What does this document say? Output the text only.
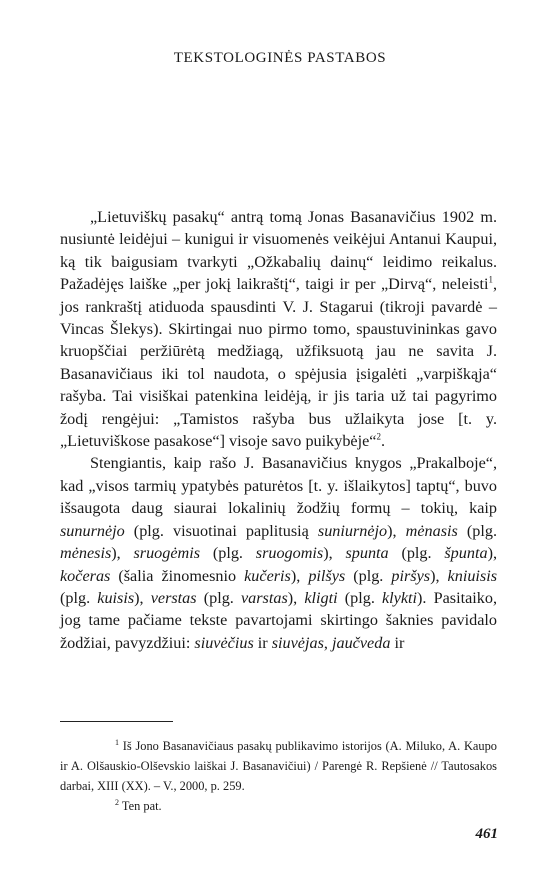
TEKSTOLOGINĖS PASTABOS

„Lietuviškų pasakų“ antrą tomą Jonas Basanavičius 1902 m. nusiuntė leidėjui – kunigui ir visuomenės veikėjui Antanui Kaupui, ką tik baigusiam tvarkyti „Ožkabalių dainų“ leidimo reikalus. Pažadėjęs laiške „per jokį laikraštį“, taigi ir per „Dirvą“, neleisti$^1$, jos rankraštį atiduoda spausdinti V. J. Stagarui (tikroji pavardė – Vincas Šlekys). Skirtingai nuo pirmo tomo, spaustuvininkas gavo kruopščiai peržiūrėtą medžiagą, užfiksuotą jau ne savita J. Basanavičiaus iki tol naudota, o spėjusia įsigalėti „varpiškąja“ rašyba. Tai visiškai patenkina leidėją, ir jis taria už tai pagyrimo žodį rengėjui: „Tamistos rašyba bus užlaikyta jose [t. y. „Lietuviškose pasakose“] visoje savo puikybėje“$^2$.

Stengiantis, kaip rašo J. Basanavičius knygos „Prakalboje“, kad „visos tarmių ypatybės paturėtos [t. y. išlaikytos] taptų“, buvo išsaugota daug siaurai lokalinių žodžių formų – tokių, kaip sunurnėjo (plg. visuotinai paplitusią suniurnėjo), mėnasis (plg. mėnesis), sruogėmis (plg. sruogomis), spunta (plg. špunta), kočeras (šalia žinomesnio kučeris), pilšys (plg. piršys), kniuisis (plg. kuisis), verstas (plg. varstas), kligti (plg. klykti). Pasitaiko, jog tame pačiame tekste pavartojami skirtingo šaknies pavidalo žodžiai, pavyzdžiui: siuvėčius ir siuvėjas, jaučveda ir

$^1$ Iš Jono Basanavičiaus pasakų publikavimo istorijos (A. Miluko, A. Kaupo ir A. Olšauskio-Olševskio laiškai J. Basanavičiui) / Parengė R. Repšienė // Tautosakos darbai, XIII (XX). – V., 2000, p. 259.

$^2$ Ten pat.

461
